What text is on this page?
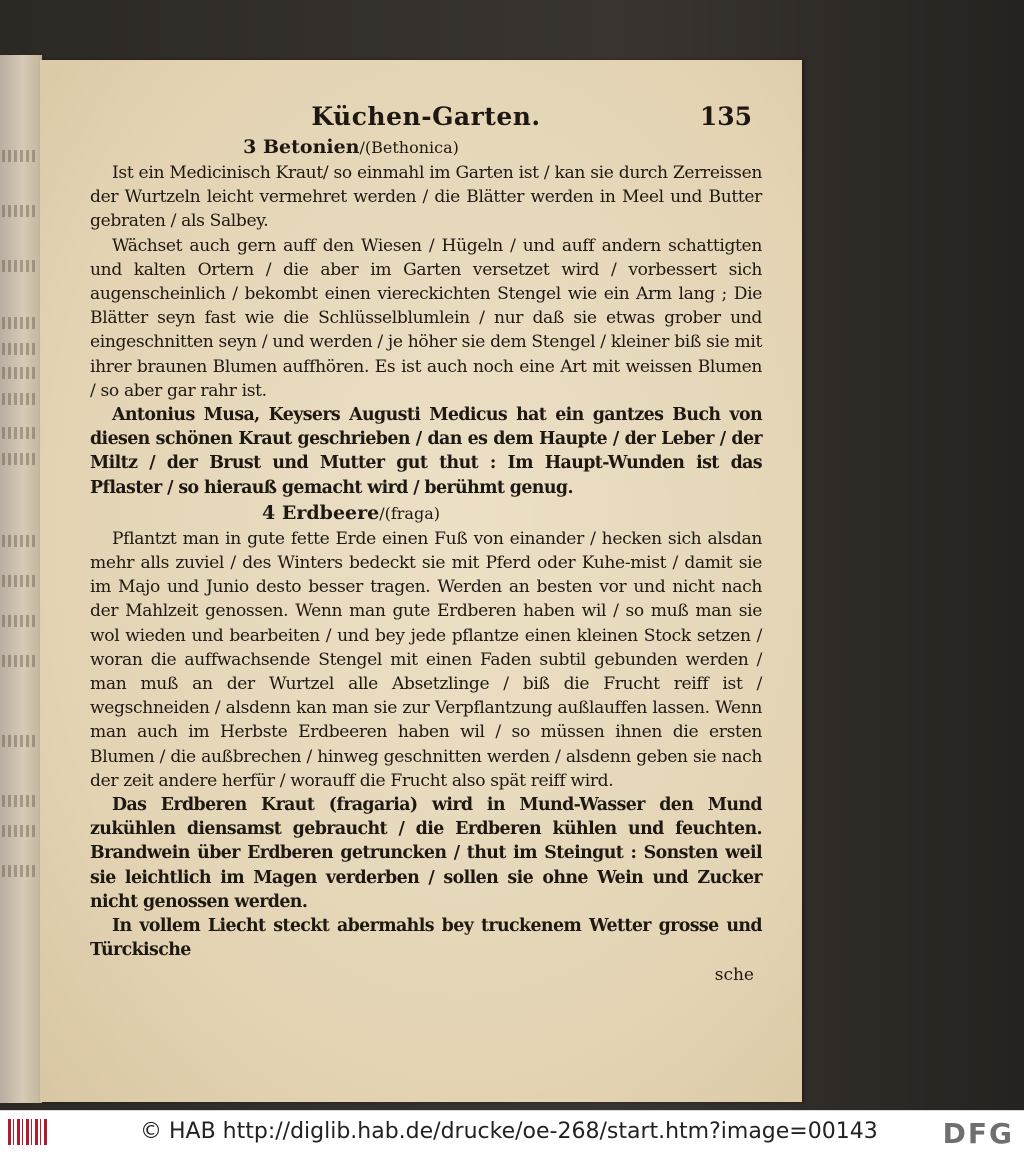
Küchen-Garten.	135
3 Betonien/(Bethonica)

Ist ein Medicinisch Kraut/ so einmahl im Garten ist / kan sie durch Zerreissen der Wurtzeln leicht vermehret werden / die Blätter werden in Meel und Butter gebraten / als Salbey.

Wächset auch gern auff den Wiesen / Hügeln / und auff andern schattigten und kalten Ortern / die aber im Garten versetzet wird / vorbessert sich augenscheinlich / bekombt einen viereckichten Stengel wie ein Arm lang ; Die Blätter seyn fast wie die Schlüsselblumlein / nur daß sie etwas grober und eingeschnitten seyn / und werden / je höher sie dem Stengel / kleiner biß sie mit ihrer braunen Blumen auffhören. Es ist auch noch eine Art mit weissen Blumen / so aber gar rahr ist.

Antonius Musa, Keysers Augusti Medicus hat ein gantzes Buch von diesen schönen Kraut geschrieben / dan es dem Haupte / der Leber / der Miltz / der Brust und Mutter gut thut : Im Haupt-Wunden ist das Pflaster / so hierauß gemacht wird / berühmt genug.

4 Erdbeere/(fraga)

Pflantzt man in gute fette Erde einen Fuß von einander / hecken sich alsdan mehr alls zuviel / des Winters bedeckt sie mit Pferd oder Kuhe-mist / damit sie im Majo und Junio desto besser tragen. Werden an besten vor und nicht nach der Mahlzeit genossen. Wenn man gute Erdberen haben wil / so muß man sie wol wieden und bearbeiten / und bey jede pflantze einen kleinen Stock setzen / woran die auffwachsende Stengel mit einen Faden subtil gebunden werden / man muß an der Wurtzel alle Absetzlinge / biß die Frucht reiff ist / wegschneiden / alsdenn kan man sie zur Verpflantzung außlauffen lassen. Wenn man auch im Herbste Erdbeeren haben wil / so müssen ihnen die ersten Blumen / die außbrechen / hinweg geschnitten werden / alsdenn geben sie nach der zeit andere herfür / worauff die Frucht also spät reiff wird.

Das Erdberen Kraut (fragaria) wird in Mund-Wasser den Mund zukühlen diensamst gebraucht / die Erdberen kühlen und feuchten. Brandwein über Erdberen getruncken / thut im Steingut : Sonsten weil sie leichtlich im Magen verderben / sollen sie ohne Wein und Zucker nicht genossen werden.

In vollem Liecht steckt abermahls bey truckenem Wetter grosse und Türckische

sche
© HAB http://diglib.hab.de/drucke/oe-268/start.htm?image=00143 DFG
